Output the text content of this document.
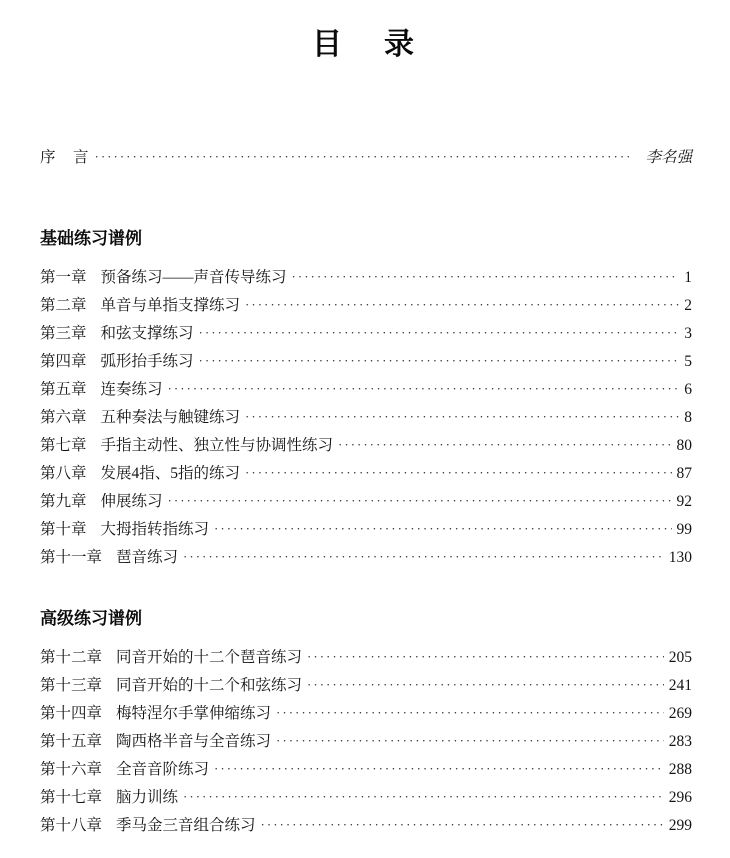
目　录
序　言 ·····	李名强
基础练习谱例
第一章 预备练习——声音传导练习 ·····	1
第二章 单音与单指支撑练习 ·····	2
第三章 和弦支撑练习 ·····	3
第四章 弧形抬手练习 ·····	5
第五章 连奏练习 ·····	6
第六章 五种奏法与触键练习 ·····	8
第七章 手指主动性、独立性与协调性练习 ·····	80
第八章 发展4指、5指的练习 ·····	87
第九章 伸展练习 ·····	92
第十章 大拇指转指练习 ·····	99
第十一章 琶音练习 ·····	130
高级练习谱例
第十二章 同音开始的十二个琶音练习 ·····	205
第十三章 同音开始的十二个和弦练习 ·····	241
第十四章 梅特涅尔手掌伸缩练习 ·····	269
第十五章 陶西格半音与全音练习 ·····	283
第十六章 全音音阶练习 ·····	288
第十七章 脑力训练 ·····	296
第十八章 季马金三音组合练习 ·····	299
